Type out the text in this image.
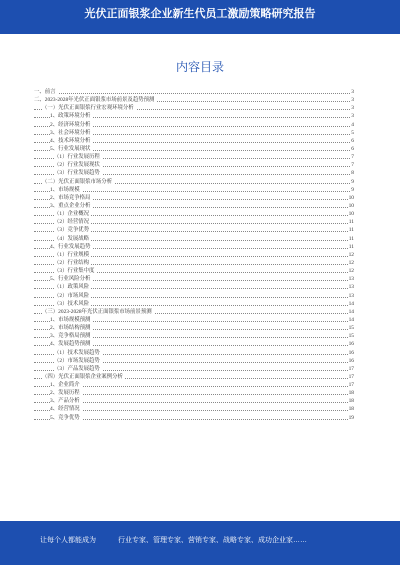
光伏正面银浆企业新生代员工激励策略研究报告
内容目录
一、前言	3
二、2023-2028年光伏正面银浆市场前景及趋势预测	3
（一）光伏正面银浆行业宏观环境分析	3
1、政策环境分析	3
2、经济环境分析	4
3、社会环境分析	5
4、技术环境分析	6
5、行业发展现状	6
（1）行业发展历程	7
（2）行业发展现状	7
（3）行业发展趋势	8
（二）光伏正面银浆市场分析	9
1、市场规模	9
2、市场竞争格局	10
3、重点企业分析	10
（1）企业概况	10
（2）经营情况	11
（3）竞争优势	11
（4）发展战略	11
4、行业发展趋势	11
（1）行业规模	12
（2）行业结构	12
（3）行业集中度	12
5、行业风险分析	13
（1）政策风险	13
（2）市场风险	13
（3）技术风险	14
（三）2023-2028年光伏正面银浆市场前景预测	14
1、市场规模预测	14
2、市场结构预测	15
3、竞争格局预测	15
4、发展趋势预测	16
（1）技术发展趋势	16
（2）市场发展趋势	16
（3）产品发展趋势	17
（四）光伏正面银浆企业案例分析	17
1、企业简介	17
2、发展历程	18
3、产品分析	18
4、经营情况	18
5、竞争优势	19
让每个人都能成为	行业专家、管理专家、营销专家、战略专家、成功企业家……
